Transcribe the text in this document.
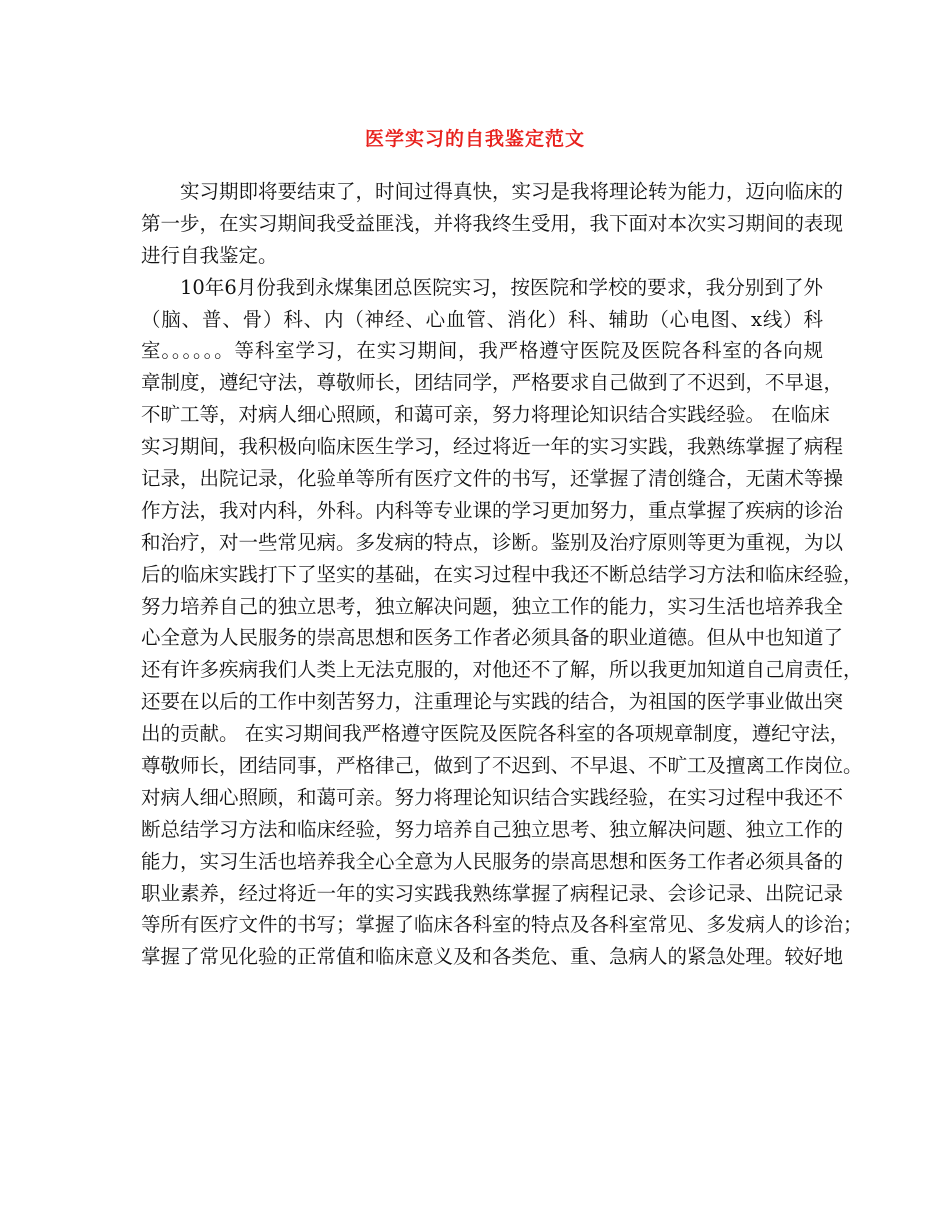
医学实习的自我鉴定范文
实习期即将要结束了，时间过得真快，实习是我将理论转为能力，迈向临床的
第一步，在实习期间我受益匪浅，并将我终生受用，我下面对本次实习期间的表现
进行自我鉴定。
10年6月份我到永煤集团总医院实习，按医院和学校的要求，我分别到了外
（脑、普、骨）科、内（神经、心血管、消化）科、辅助（心电图、x线）科
室。。。。。。等科室学习，在实习期间，我严格遵守医院及医院各科室的各向规
章制度，遵纪守法，尊敬师长，团结同学，严格要求自己做到了不迟到，不早退，
不旷工等，对病人细心照顾，和蔼可亲，努力将理论知识结合实践经验。 在临床
实习期间，我积极向临床医生学习，经过将近一年的实习实践，我熟练掌握了病程
记录，出院记录，化验单等所有医疗文件的书写，还掌握了清创缝合，无菌术等操
作方法，我对内科，外科。内科等专业课的学习更加努力，重点掌握了疾病的诊治
和治疗，对一些常见病。多发病的特点，诊断。鉴别及治疗原则等更为重视，为以
后的临床实践打下了坚实的基础，在实习过程中我还不断总结学习方法和临床经验，
努力培养自己的独立思考，独立解决问题，独立工作的能力，实习生活也培养我全
心全意为人民服务的崇高思想和医务工作者必须具备的职业道德。但从中也知道了
还有许多疾病我们人类上无法克服的，对他还不了解，所以我更加知道自己肩责任，
还要在以后的工作中刻苦努力，注重理论与实践的结合，为祖国的医学事业做出突
出的贡献。 在实习期间我严格遵守医院及医院各科室的各项规章制度，遵纪守法，
尊敬师长，团结同事，严格律己，做到了不迟到、不早退、不旷工及擅离工作岗位。
对病人细心照顾，和蔼可亲。努力将理论知识结合实践经验，在实习过程中我还不
断总结学习方法和临床经验，努力培养自己独立思考、独立解决问题、独立工作的
能力，实习生活也培养我全心全意为人民服务的崇高思想和医务工作者必须具备的
职业素养，经过将近一年的实习实践我熟练掌握了病程记录、会诊记录、出院记录
等所有医疗文件的书写；掌握了临床各科室的特点及各科室常见、多发病人的诊治；
掌握了常见化验的正常值和临床意义及和各类危、重、急病人的紧急处理。较好地
